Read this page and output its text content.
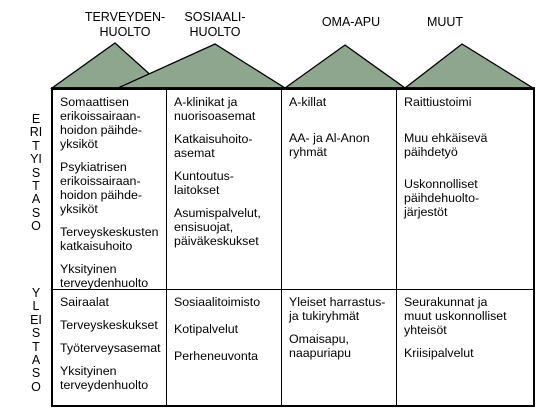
TERVEYDEN-
HUOLTO
SOSIAALI-
HUOLTO
OMA-APU	MUUT
ERITYISTASO
YLEISTASO
Somaattisen
erikoissairaan-
hoidon päihde-
yksiköt
Psykiatrisen
erikoissairaan-
hoidon päihde-
yksiköt
Terveyskeskusten
katkaisuhoito
Yksityinen
terveydenhuolto
A-klinikat ja
nuorisoasemat
Katkaisuhoito-
asemat
Kuntoutus-
laitokset
Asumispalvelut,
ensisuojat,
päiväkeskukset
A-killat
AA- ja Al-Anon
ryhmät
Raittiustoimi
Muu ehkäisevä
päihdetyö
Uskonnolliset
päihdehuolto-
järjestöt
Sairaalat
Terveyskeskukset
Työterveysasemat
Yksityinen
terveydenhuolto
Sosiaalitoimisto
Kotipalvelut
Perheneuvonta
Yleiset harrastus-
ja tukiryhmät
Omaisapu,
naapuriapu
Seurakunnat ja
muut uskonnolliset
yhteisöt
Kriisipalvelut
